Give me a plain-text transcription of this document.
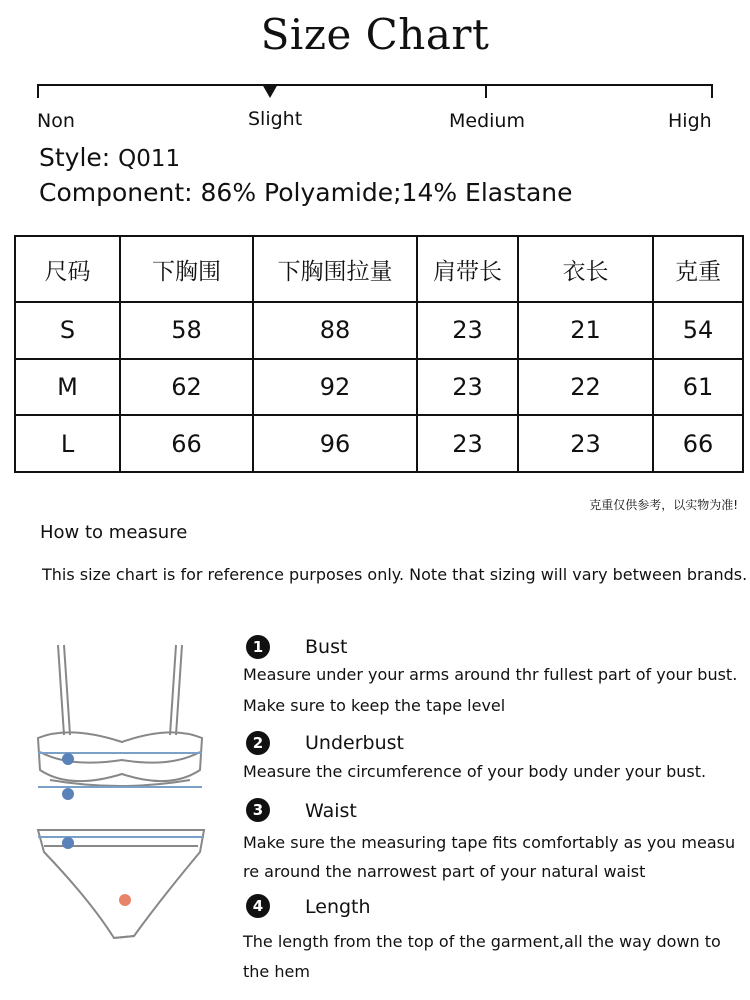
Size Chart
Non	Slight	Medium	High
Style: Q011
Component: 86% Polyamide;14% Elastane
尺码	下胸围	下胸围拉量	肩带长	衣长	克重
S	58	88	23	21	54
M	62	92	23	22	61
L	66	96	23	23	66
克重仅供参考，以实物为准!
How to measure
This size chart is for reference purposes only. Note that sizing will vary between brands.
1	Bust
Measure under your arms around thr fullest part of your bust.
Make sure to keep the tape level
2	Underbust
Measure the circumference of your body under your bust.
3	Waist
Make sure the measuring tape fits comfortably as you measu
re around the narrowest part of your natural waist
4	Length
The length from the top of the garment,all the way down to
the hem
